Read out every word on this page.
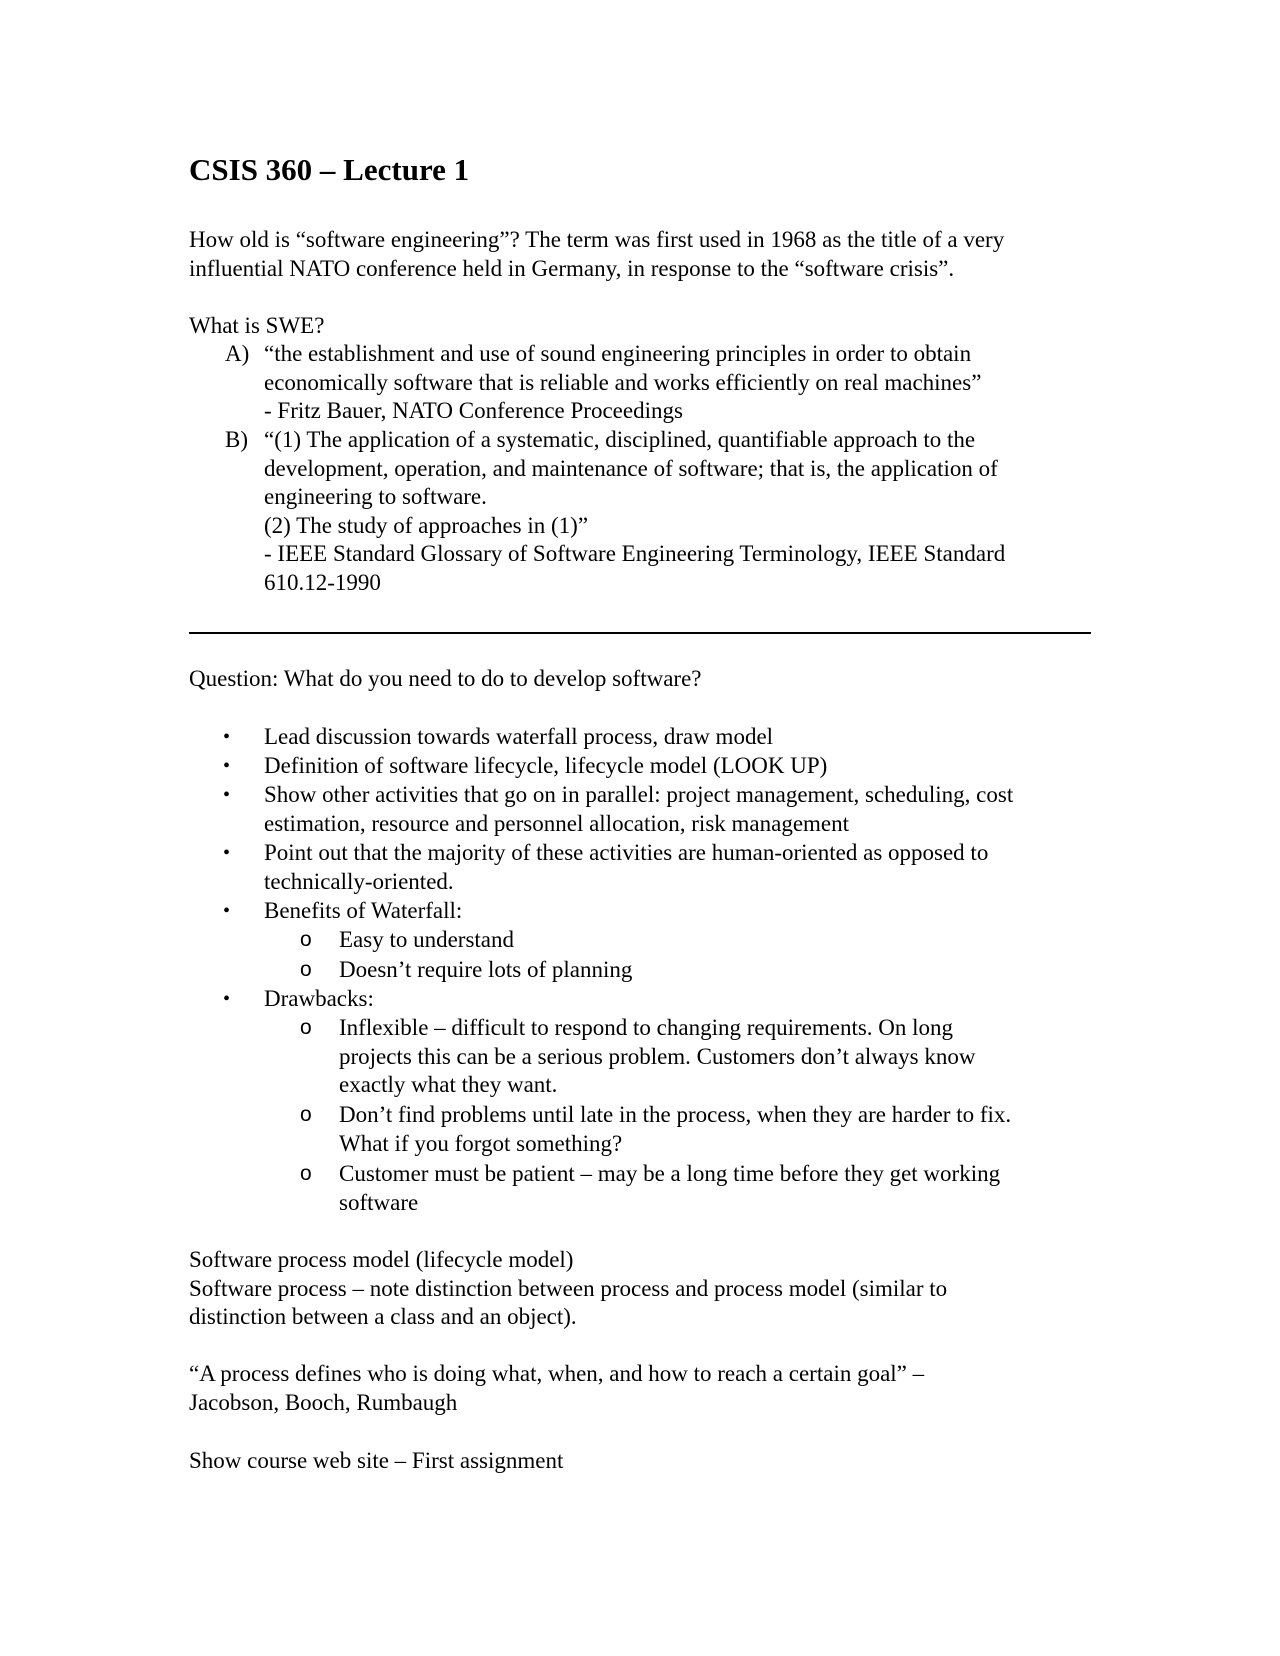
CSIS 360 – Lecture 1
How old is “software engineering”? The term was first used in 1968 as the title of a very
influential NATO conference held in Germany, in response to the “software crisis”.
What is SWE?
A) “the establishment and use of sound engineering principles in order to obtain
economically software that is reliable and works efficiently on real machines”
- Fritz Bauer, NATO Conference Proceedings
B) “(1) The application of a systematic, disciplined, quantifiable approach to the
development, operation, and maintenance of software; that is, the application of
engineering to software.
(2) The study of approaches in (1)”
- IEEE Standard Glossary of Software Engineering Terminology, IEEE Standard
610.12-1990
Question: What do you need to do to develop software?
• Lead discussion towards waterfall process, draw model
• Definition of software lifecycle, lifecycle model (LOOK UP)
• Show other activities that go on in parallel: project management, scheduling, cost
estimation, resource and personnel allocation, risk management
• Point out that the majority of these activities are human-oriented as opposed to
technically-oriented.
• Benefits of Waterfall:
o Easy to understand
o Doesn’t require lots of planning
• Drawbacks:
o Inflexible – difficult to respond to changing requirements. On long
projects this can be a serious problem. Customers don’t always know
exactly what they want.
o Don’t find problems until late in the process, when they are harder to fix.
What if you forgot something?
o Customer must be patient – may be a long time before they get working
software
Software process model (lifecycle model)
Software process – note distinction between process and process model (similar to
distinction between a class and an object).
“A process defines who is doing what, when, and how to reach a certain goal” –
Jacobson, Booch, Rumbaugh
Show course web site – First assignment
